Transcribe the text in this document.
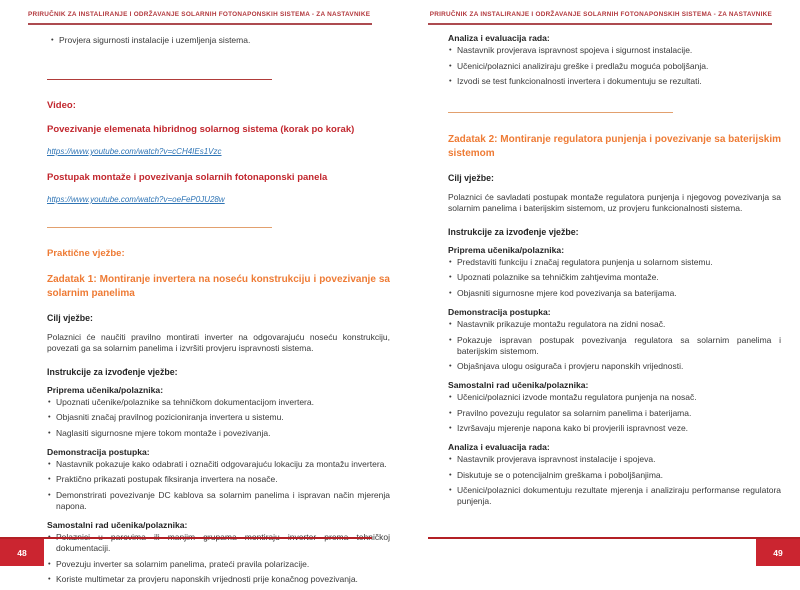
PRIRUČNIK ZA INSTALIRANJE I ODRŽAVANJE SOLARNIH FOTONAPONSKIH SISTEMA - ZA NASTAVNIKE
• Provjera sigurnosti instalacije i uzemljenja sistema.
Video:

Povezivanje elemenata hibridnog solarnog sistema (korak po korak)

https://www.youtube.com/watch?v=cCH4IEs1Vzc

Postupak montaže i povezivanja solarnih fotonaponski panela

https://www.youtube.com/watch?v=oeFeP0JU28w
Praktične vježbe:
Zadatak 1: Montiranje invertera na noseću konstrukciju i povezivanje sa solarnim panelima
Cilj vježbe:

Polaznici će naučiti pravilno montirati inverter na odgovarajuću noseću konstrukciju, povezati ga sa solarnim panelima i izvršiti provjeru ispravnosti sistema.

Instrukcije za izvođenje vježbe:
Priprema učenika/polaznika:
• Upoznati učenike/polaznike sa tehničkom dokumentacijom invertera.
• Objasniti značaj pravilnog pozicioniranja invertera u sistemu.
• Naglasiti sigurnosne mjere tokom montaže i povezivanja.
Demonstracija postupka:
• Nastavnik pokazuje kako odabrati i označiti odgovarajuću lokaciju za montažu invertera.
• Praktično prikazati postupak fiksiranja invertera na nosače.
• Demonstrirati povezivanje DC kablova sa solarnim panelima i ispravan način mjerenja napona.
Samostalni rad učenika/polaznika:
• Polaznici u parovima ili manjim grupama montiraju inverter prema tehničkoj dokumentaciji.
• Povezuju inverter sa solarnim panelima, prateći pravila polarizacije.
• Koriste multimetar za provjeru naponskih vrijednosti prije konačnog povezivanja.
48
PRIRUČNIK ZA INSTALIRANJE I ODRŽAVANJE SOLARNIH FOTONAPONSKIH SISTEMA - ZA NASTAVNIKE
Analiza i evaluacija rada:
• Nastavnik provjerava ispravnost spojeva i sigurnost instalacije.
• Učenici/polaznici analiziraju greške i predlažu moguća poboljšanja.
• Izvodi se test funkcionalnosti invertera i dokumentuju se rezultati.
Zadatak 2: Montiranje regulatora punjenja i povezivanje sa baterijskim sistemom
Cilj vježbe:

Polaznici će savladati postupak montaže regulatora punjenja i njegovog povezivanja sa solarnim panelima i baterijskim sistemom, uz provjeru funkcionalnosti sistema.

Instrukcije za izvođenje vježbe:
Priprema učenika/polaznika:
• Predstaviti funkciju i značaj regulatora punjenja u solarnom sistemu.
• Upoznati polaznike sa tehničkim zahtjevima montaže.
• Objasniti sigurnosne mjere kod povezivanja sa baterijama.
Demonstracija postupka:
• Nastavnik prikazuje montažu regulatora na zidni nosač.
• Pokazuje ispravan postupak povezivanja regulatora sa solarnim panelima i baterijskim sistemom.
• Objašnjava ulogu osigurača i provjeru naponskih vrijednosti.
Samostalni rad učenika/polaznika:
• Učenici/polaznici izvode montažu regulatora punjenja na nosač.
• Pravilno povezuju regulator sa solarnim panelima i baterijama.
• Izvršavaju mjerenje napona kako bi provjerili ispravnost veze.
Analiza i evaluacija rada:
• Nastavnik provjerava ispravnost instalacije i spojeva.
• Diskutuje se o potencijalnim greškama i poboljšanjima.
• Učenici/polaznici dokumentuju rezultate mjerenja i analiziraju performanse regulatora punjenja.
49
